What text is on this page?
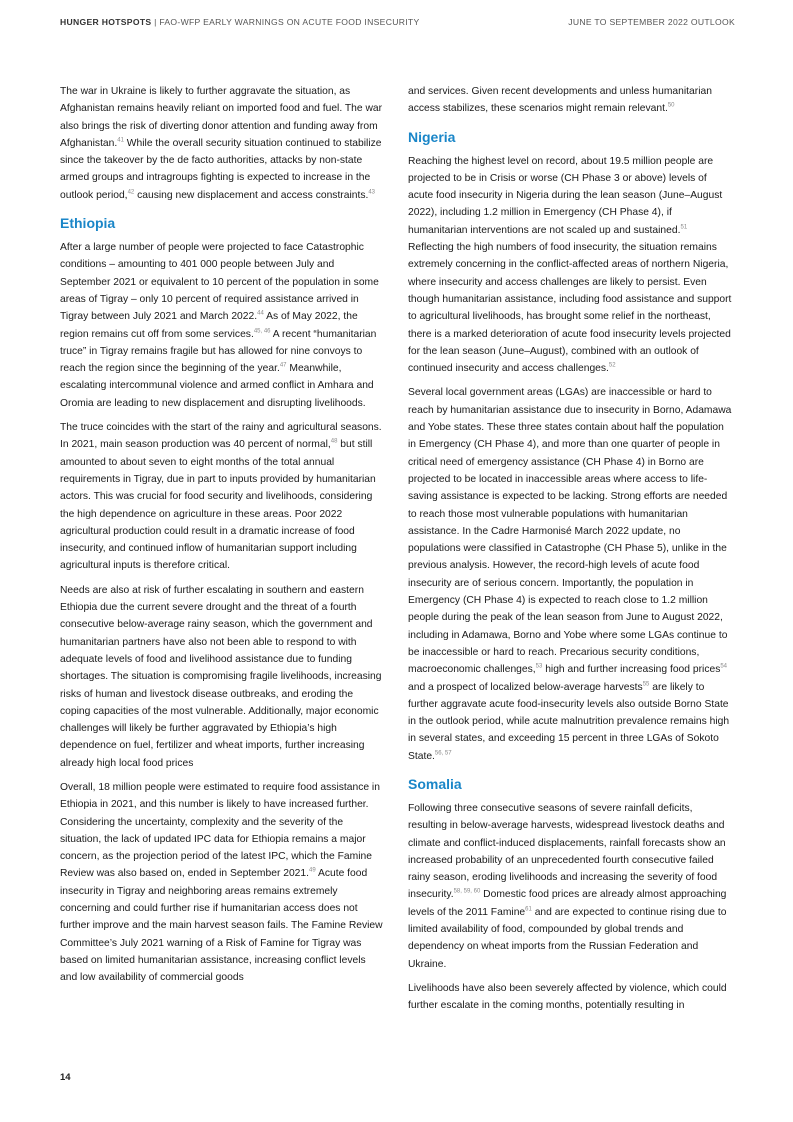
HUNGER HOTSPOTS | FAO-WFP EARLY WARNINGS ON ACUTE FOOD INSECURITY	JUNE TO SEPTEMBER 2022 OUTLOOK

The war in Ukraine is likely to further aggravate the situation, as Afghanistan remains heavily reliant on imported food and fuel. The war also brings the risk of diverting donor attention and funding away from Afghanistan.$^{41}$ While the overall security situation continued to stabilize since the takeover by the de facto authorities, attacks by non-state armed groups and intragroups fighting is expected to increase in the outlook period,$^{42}$ causing new displacement and access constraints.$^{43}$

Ethiopia

After a large number of people were projected to face Catastrophic conditions – amounting to 401 000 people between July and September 2021 or equivalent to 10 percent of the population in some areas of Tigray – only 10 percent of required assistance arrived in Tigray between July 2021 and March 2022.44 As of May 2022, the region remains cut off from some services.$^{45, 46}$ A recent “humanitarian truce” in Tigray remains fragile but has allowed for nine convoys to reach the region since the beginning of the year.$^{47}$ Meanwhile, escalating intercommunal violence and armed conflict in Amhara and Oromia are leading to new displacement and disrupting livelihoods.

The truce coincides with the start of the rainy and agricultural seasons. In 2021, main season production was 40 percent of normal,$^{48}$ but still amounted to about seven to eight months of the total annual requirements in Tigray, due in part to inputs provided by humanitarian actors. This was crucial for food security and livelihoods, considering the high dependence on agriculture in these areas. Poor 2022 agricultural production could result in a dramatic increase of food insecurity, and continued inflow of humanitarian support including agricultural inputs is therefore critical.

Needs are also at risk of further escalating in southern and eastern Ethiopia due the current severe drought and the threat of a fourth consecutive below-average rainy season, which the government and humanitarian partners have also not been able to respond to with adequate levels of food and livelihood assistance due to funding shortages. The situation is compromising fragile livelihoods, increasing risks of human and livestock disease outbreaks, and eroding the coping capacities of the most vulnerable. Additionally, major economic challenges will likely be further aggravated by Ethiopia’s high dependence on fuel, fertilizer and wheat imports, further increasing already high local food prices

Overall, 18 million people were estimated to require food assistance in Ethiopia in 2021, and this number is likely to have increased further. Considering the uncertainty, complexity and the severity of the situation, the lack of updated IPC data for Ethiopia remains a major concern, as the projection period of the latest IPC, which the Famine Review was also based on, ended in September 2021.49 Acute food insecurity in Tigray and neighboring areas remains extremely concerning and could further rise if humanitarian access does not further improve and the main harvest season fails. The Famine Review Committee’s July 2021 warning of a Risk of Famine for Tigray was based on limited humanitarian assistance, increasing conflict levels and low availability of commercial goods

and services. Given recent developments and unless humanitarian access stabilizes, these scenarios might remain relevant.$^{50}$

Nigeria

Reaching the highest level on record, about 19.5 million people are projected to be in Crisis or worse (CH Phase 3 or above) levels of acute food insecurity in Nigeria during the lean season (June–August 2022), including 1.2 million in Emergency (CH Phase 4), if humanitarian interventions are not scaled up and sustained.$^{51}$ Reflecting the high numbers of food insecurity, the situation remains extremely concerning in the conflict-affected areas of northern Nigeria, where insecurity and access challenges are likely to persist. Even though humanitarian assistance, including food assistance and support to agricultural livelihoods, has brought some relief in the northeast, there is a marked deterioration of acute food insecurity levels projected for the lean season (June–August), combined with an outlook of continued insecurity and access challenges.$^{52}$

Several local government areas (LGAs) are inaccessible or hard to reach by humanitarian assistance due to insecurity in Borno, Adamawa and Yobe states. These three states contain about half the population in Emergency (CH Phase 4), and more than one quarter of people in critical need of emergency assistance (CH Phase 4) in Borno are projected to be located in inaccessible areas where access to life-saving assistance is expected to be lacking. Strong efforts are needed to reach those most vulnerable populations with humanitarian assistance. In the Cadre Harmonisé March 2022 update, no populations were classified in Catastrophe (CH Phase 5), unlike in the previous analysis. However, the record-high levels of acute food insecurity are of serious concern. Importantly, the population in Emergency (CH Phase 4) is expected to reach close to 1.2 million people during the peak of the lean season from June to August 2022, including in Adamawa, Borno and Yobe where some LGAs continue to be inaccessible or hard to reach. Precarious security conditions, macroeconomic challenges,$^{53}$ high and further increasing food prices$^{54}$ and a prospect of localized below-average harvests$^{55}$ are likely to further aggravate acute food-insecurity levels also outside Borno State in the outlook period, while acute malnutrition prevalence remains high in several states, and exceeding 15 percent in three LGAs of Sokoto State.$^{56, 57}$

Somalia

Following three consecutive seasons of severe rainfall deficits, resulting in below-average harvests, widespread livestock deaths and climate and conflict-induced displacements, rainfall forecasts show an increased probability of an unprecedented fourth consecutive failed rainy season, eroding livelihoods and increasing the severity of food insecurity.$^{58, 59, 60}$ Domestic food prices are already almost approaching levels of the 2011 Famine$^{61}$ and are expected to continue rising due to limited availability of food, compounded by global trends and dependency on wheat imports from the Russian Federation and Ukraine.

Livelihoods have also been severely affected by violence, which could further escalate in the coming months, potentially resulting in

14
